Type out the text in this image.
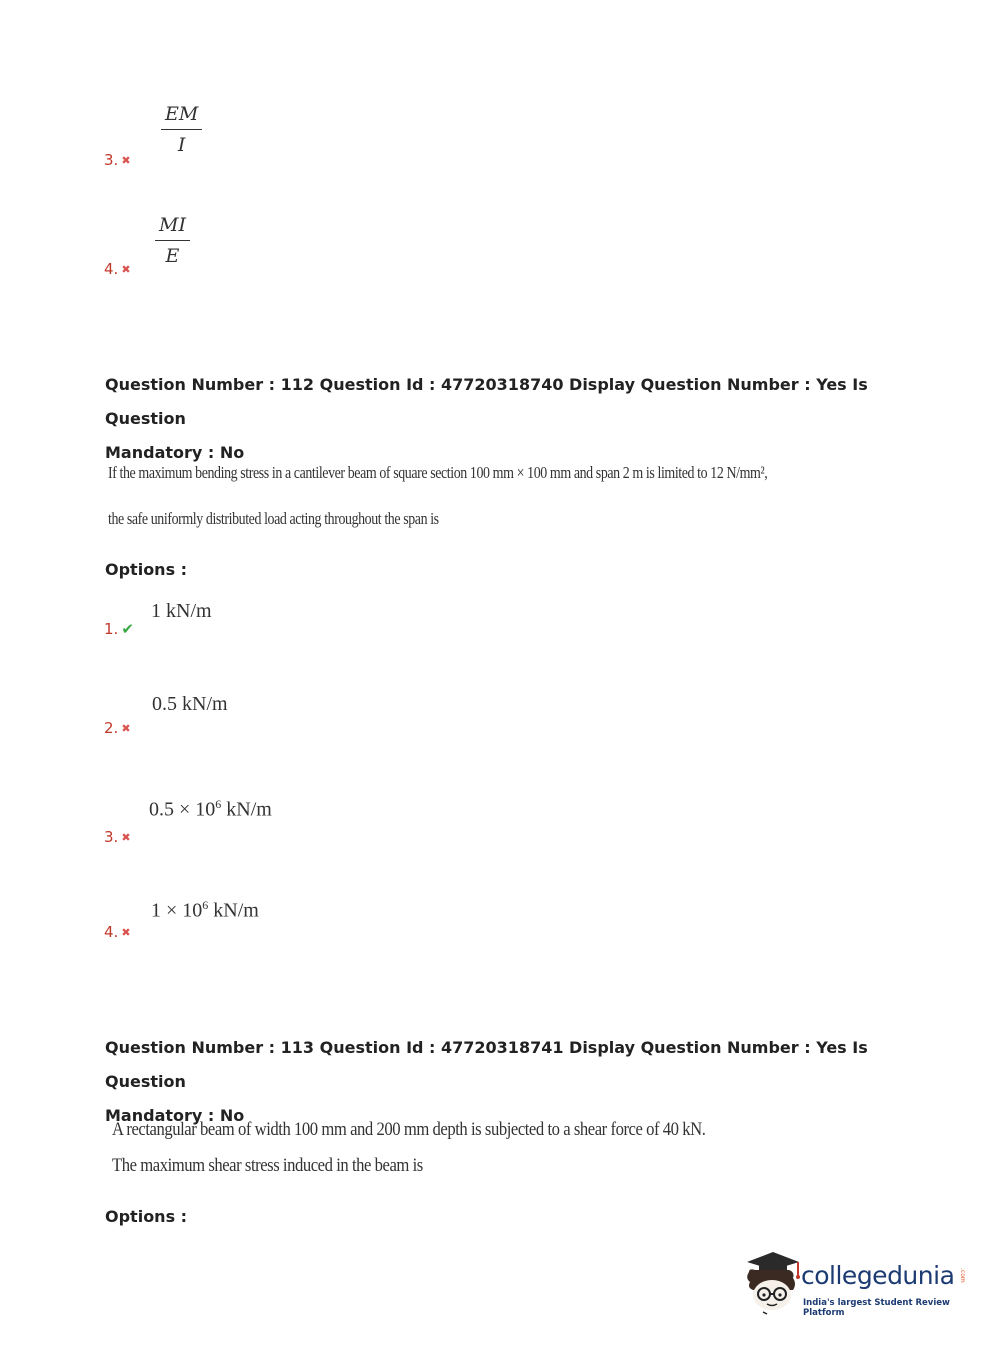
$\frac{EM}{I}$
3. ✖
$\frac{MI}{E}$
4. ✖
Question Number : 112 Question Id : 47720318740 Display Question Number : Yes Is Question
Mandatory : No
If the maximum bending stress in a cantilever beam of square section 100 mm × 100 mm and span 2 m is limited to 12 N/mm²,
the safe uniformly distributed load acting throughout the span is
Options :
1 kN/m
1. ✔
0.5 kN/m
2. ✖
$0.5 \times 10^6$ kN/m
3. ✖
$1 \times 10^6$ kN/m
4. ✖
Question Number : 113 Question Id : 47720318741 Display Question Number : Yes Is Question
Mandatory : No
A rectangular beam of width 100 mm and 200 mm depth is subjected to a shear force of 40 kN.
The maximum shear stress induced in the beam is
Options :
collegedunia .com
India's largest Student Review Platform
